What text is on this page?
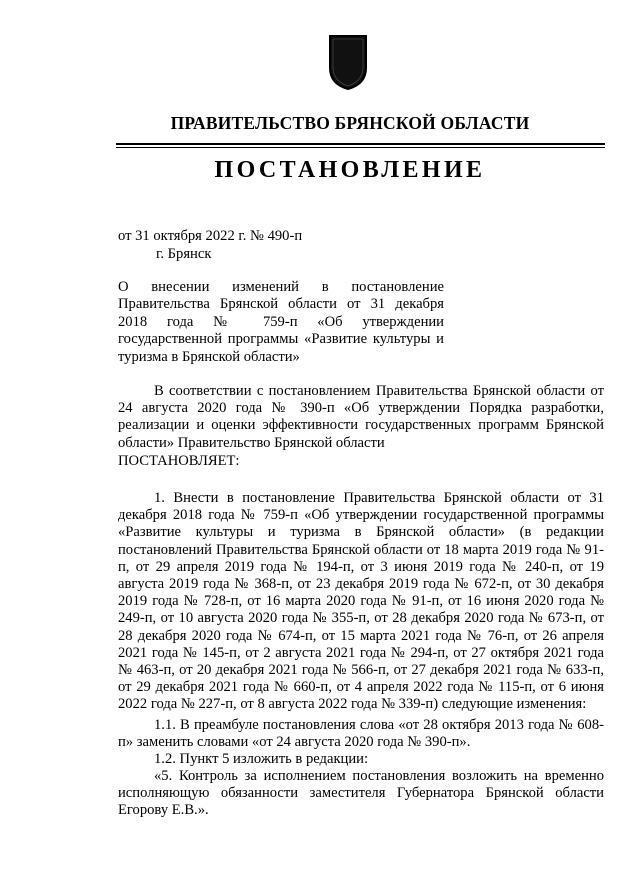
ПРАВИТЕЛЬСТВО БРЯНСКОЙ ОБЛАСТИ
ПОСТАНОВЛЕНИЕ
от 31 октября 2022 г. № 490-п
г. Брянск
О внесении изменений в постановление Правительства Брянской области от 31 декабря 2018 года № 759-п «Об утверждении государственной программы «Развитие культуры и туризма в Брянской области»
В соответствии с постановлением Правительства Брянской области от 24 августа 2020 года № 390-п «Об утверждении Порядка разработки, реализации и оценки эффективности государственных программ Брянской области» Правительство Брянской области
ПОСТАНОВЛЯЕТ:
1. Внести в постановление Правительства Брянской области от 31 декабря 2018 года № 759-п «Об утверждении государственной программы «Развитие культуры и туризма в Брянской области» (в редакции постановлений Правительства Брянской области от 18 марта 2019 года № 91-п, от 29 апреля 2019 года № 194-п, от 3 июня 2019 года № 240-п, от 19 августа 2019 года № 368-п, от 23 декабря 2019 года № 672-п, от 30 декабря 2019 года № 728-п, от 16 марта 2020 года № 91-п, от 16 июня 2020 года № 249-п, от 10 августа 2020 года № 355-п, от 28 декабря 2020 года № 673-п, от 28 декабря 2020 года № 674-п, от 15 марта 2021 года № 76-п, от 26 апреля 2021 года № 145-п, от 2 августа 2021 года № 294-п, от 27 октября 2021 года № 463-п, от 20 декабря 2021 года № 566-п, от 27 декабря 2021 года № 633-п, от 29 декабря 2021 года № 660-п, от 4 апреля 2022 года № 115-п, от 6 июня 2022 года № 227-п, от 8 августа 2022 года № 339-п) следующие изменения:
1.1. В преамбуле постановления слова «от 28 октября 2013 года № 608-п» заменить словами «от 24 августа 2020 года № 390-п».
1.2. Пункт 5 изложить в редакции:
«5. Контроль за исполнением постановления возложить на временно исполняющую обязанности заместителя Губернатора Брянской области Егорову Е.В.».
